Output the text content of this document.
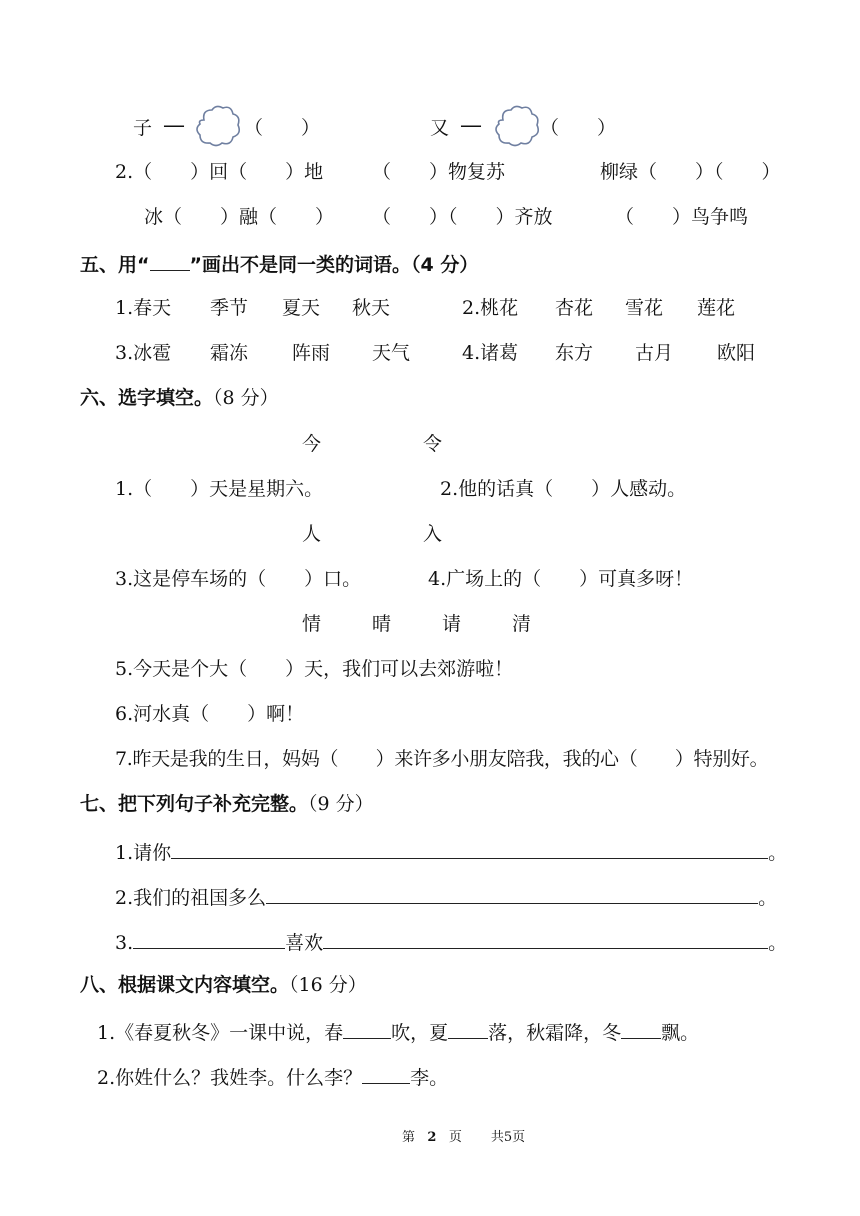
子 —	（　　）	又 —	（　　）
2.（　　）回（　　）地	（　　）物复苏	柳绿（　　）（　　）
冰（　　）融（　　） （　　）（　　）齐放	（　　）鸟争鸣
五、用“ ”画出不是同一类的词语。（4 分）
1.春天 季节 夏天 秋天	2.桃花 杏花 雪花 莲花
3.冰雹 霜冻 阵雨 天气	4.诸葛 东方 古月 欧阳
六、选字填空。（8 分）
今	令
1.（　　）天是星期六。	2.他的话真（　　）人感动。
人	入
3.这是停车场的（　　）口。	4.广场上的（　　）可真多呀！
情	晴	请	清
5.今天是个大（　　）天，我们可以去郊游啦！
6.河水真（　　）啊！
7.昨天是我的生日，妈妈（　　）来许多小朋友陪我，我的心（　　）特别好。
七、把下列句子补充完整。（9 分）
1.请你	。
2.我们的祖国多么	。
3.	喜欢	。
八、根据课文内容填空。（16 分）
1.《春夏秋冬》一课中说，春	吹，夏 落，秋霜降，冬 飘。
2.你姓什么？我姓李。什么李？	李。
第 2 页 共5页
